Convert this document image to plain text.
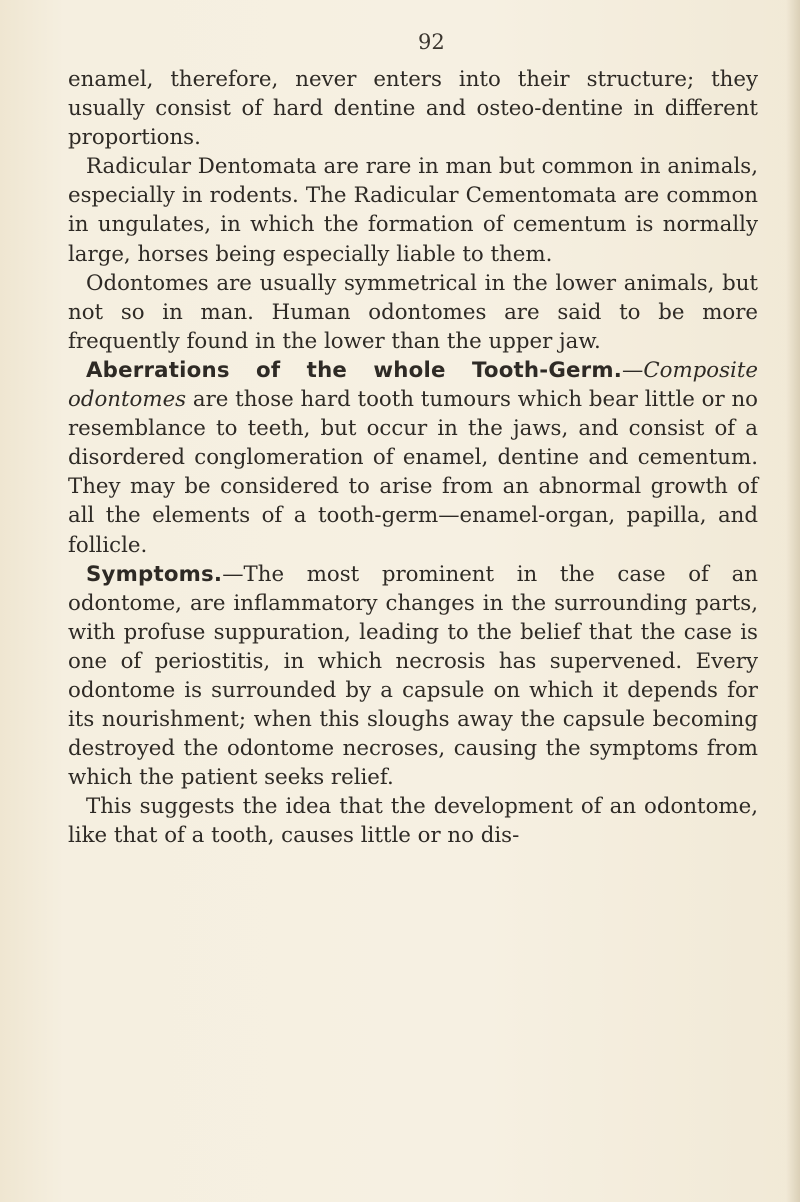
92

enamel, therefore, never enters into their structure; they usually consist of hard dentine and osteo-dentine in different proportions.

Radicular Dentomata are rare in man but common in animals, especially in rodents. The Radicular Cementomata are common in ungulates, in which the formation of cementum is normally large, horses being especially liable to them.

Odontomes are usually symmetrical in the lower animals, but not so in man. Human odontomes are said to be more frequently found in the lower than the upper jaw.

Aberrations of the whole Tooth-Germ.—Composite odontomes are those hard tooth tumours which bear little or no resemblance to teeth, but occur in the jaws, and consist of a disordered conglomeration of enamel, dentine and cementum. They may be considered to arise from an abnormal growth of all the elements of a tooth-germ—enamel-organ, papilla, and follicle.

Symptoms.—The most prominent in the case of an odontome, are inflammatory changes in the surrounding parts, with profuse suppuration, leading to the belief that the case is one of periostitis, in which necrosis has supervened. Every odontome is surrounded by a capsule on which it depends for its nourishment; when this sloughs away the capsule becoming destroyed the odontome necroses, causing the symptoms from which the patient seeks relief.

This suggests the idea that the development of an odontome, like that of a tooth, causes little or no dis-
